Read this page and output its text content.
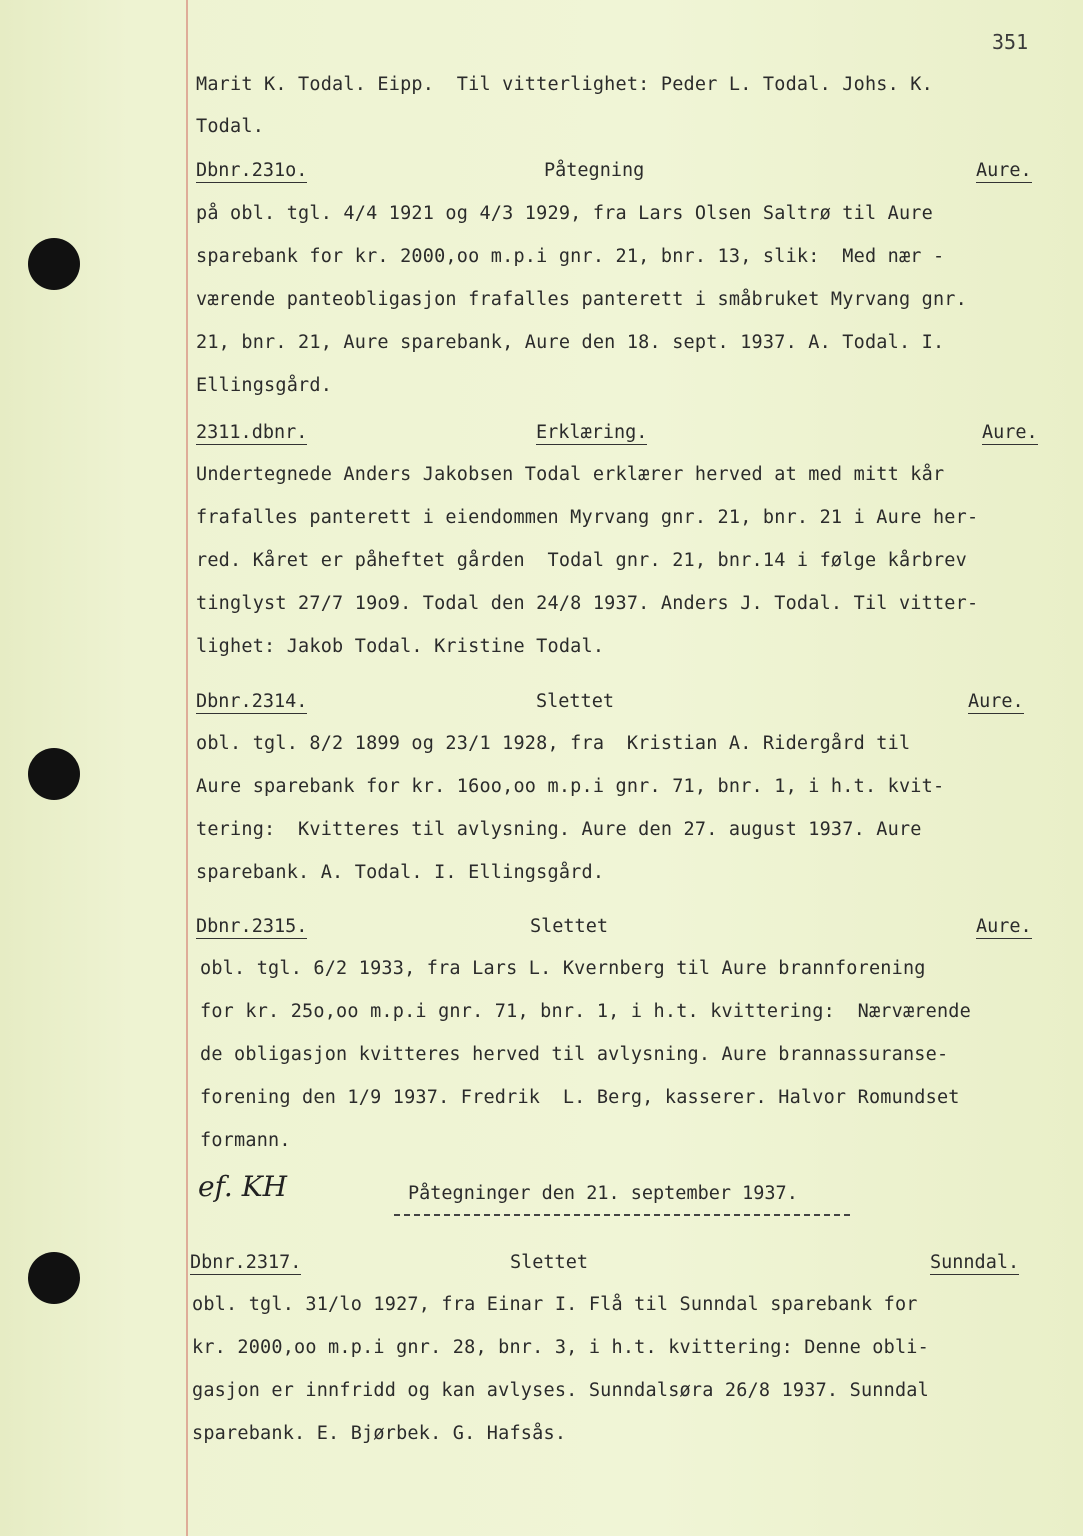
351
Marit K. Todal. Eipp.  Til vitterlighet: Peder L. Todal. Johs. K.
Todal.
Dbnr.231o.	Påtegning	Aure.
på obl. tgl. 4/4 1921 og 4/3 1929, fra Lars Olsen Saltrø til Aure
sparebank for kr. 2000,oo m.p.i gnr. 21, bnr. 13, slik:  Med nær -
værende panteobligasjon frafalles panterett i småbruket Myrvang gnr.
21, bnr. 21, Aure sparebank, Aure den 18. sept. 1937. A. Todal. I.
Ellingsgård.
2311.dbnr.	Erklæring.	Aure.
Undertegnede Anders Jakobsen Todal erklærer herved at med mitt kår
frafalles panterett i eiendommen Myrvang gnr. 21, bnr. 21 i Aure her-
red. Kåret er påheftet gården  Todal gnr. 21, bnr.14 i følge kårbrev
tinglyst 27/7 19o9. Todal den 24/8 1937. Anders J. Todal. Til vitter-
lighet: Jakob Todal. Kristine Todal.
Dbnr.2314.	Slettet	Aure.
obl. tgl. 8/2 1899 og 23/1 1928, fra  Kristian A. Ridergård til
Aure sparebank for kr. 16oo,oo m.p.i gnr. 71, bnr. 1, i h.t. kvit-
tering:  Kvitteres til avlysning. Aure den 27. august 1937. Aure
sparebank. A. Todal. I. Ellingsgård.
Dbnr.2315.	Slettet	Aure.
obl. tgl. 6/2 1933, fra Lars L. Kvernberg til Aure brannforening
for kr. 25o,oo m.p.i gnr. 71, bnr. 1, i h.t. kvittering:  Nærværende
de obligasjon kvitteres herved til avlysning. Aure brannassuranse-
forening den 1/9 1937. Fredrik  L. Berg, kasserer. Halvor Romundset
formann.
ef. KH	Påtegninger den 21. september 1937.
Dbnr.2317.	Slettet	Sunndal.
obl. tgl. 31/lo 1927, fra Einar I. Flå til Sunndal sparebank for
kr. 2000,oo m.p.i gnr. 28, bnr. 3, i h.t. kvittering: Denne obli-
gasjon er innfridd og kan avlyses. Sunndalsøra 26/8 1937. Sunndal
sparebank. E. Bjørbek. G. Hafsås.
